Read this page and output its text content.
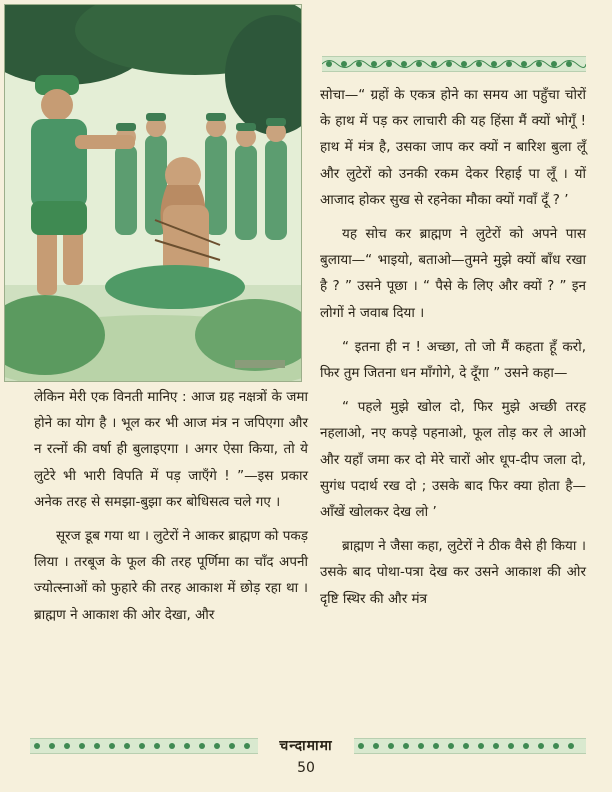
लेकिन मेरी एक विनती मानिए : आज ग्रह नक्षत्रों के जमा होने का योग है । भूल कर भी आज मंत्र न जपिएगा और न रत्नों की वर्षा ही बुलाइएगा । अगर ऐसा किया, तो ये लुटेरे भी भारी विपति में पड़ जाएँगे ! ”—इस प्रकार अनेक तरह से समझा-बुझा कर बोधिसत्व चले गए ।

सूरज डूब गया था । लुटेरों ने आकर ब्राह्मण को पकड़ लिया । तरबूज के फूल की तरह पूर्णिमा का चाँद अपनी ज्योत्स्नाओं को फुहारे की तरह आकाश में छोड़ रहा था । ब्राह्मण ने आकाश की ओर देखा, और

सोचा—“ ग्रहों के एकत्र होने का समय आ पहुँचा चोरों के हाथ में पड़ कर लाचारी की यह हिंसा मैं क्यों भोगूँ ! हाथ में मंत्र है, उसका जाप कर क्यों न बारिश बुला लूँ और लुटेरों को उनकी रकम देकर रिहाई पा लूँ । यों आजाद होकर सुख से रहनेका मौका क्यों गवाँ दूँ ? ’

यह सोच कर ब्राह्मण ने लुटेरों को अपने पास बुलाया—“ भाइयो, बताओ—तुमने मुझे क्यों बाँध रखा है ? ” उसने पूछा । “ पैसे के लिए और क्यों ? ” इन लोगों ने जवाब दिया ।

“ इतना ही न ! अच्छा, तो जो मैं कहता हूँ करो, फिर तुम जितना धन माँगोगे, दे दूँगा ” उसने कहा—

“ पहले मुझे खोल दो, फिर मुझे अच्छी तरह नहलाओ, नए कपड़े पहनाओ, फूल तोड़ कर ले आओ और यहाँ जमा कर दो मेरे चारों ओर धूप-दीप जला दो, सुगंध पदार्थ रख दो ; उसके बाद फिर क्या होता है— आँखें खोलकर देख लो ’

ब्राह्मण ने जैसा कहा, लुटेरों ने ठीक वैसे ही किया । उसके बाद पोथा-पत्रा देख कर उसने आकाश की ओर दृष्टि स्थिर की और मंत्र

चन्दामामा
50
